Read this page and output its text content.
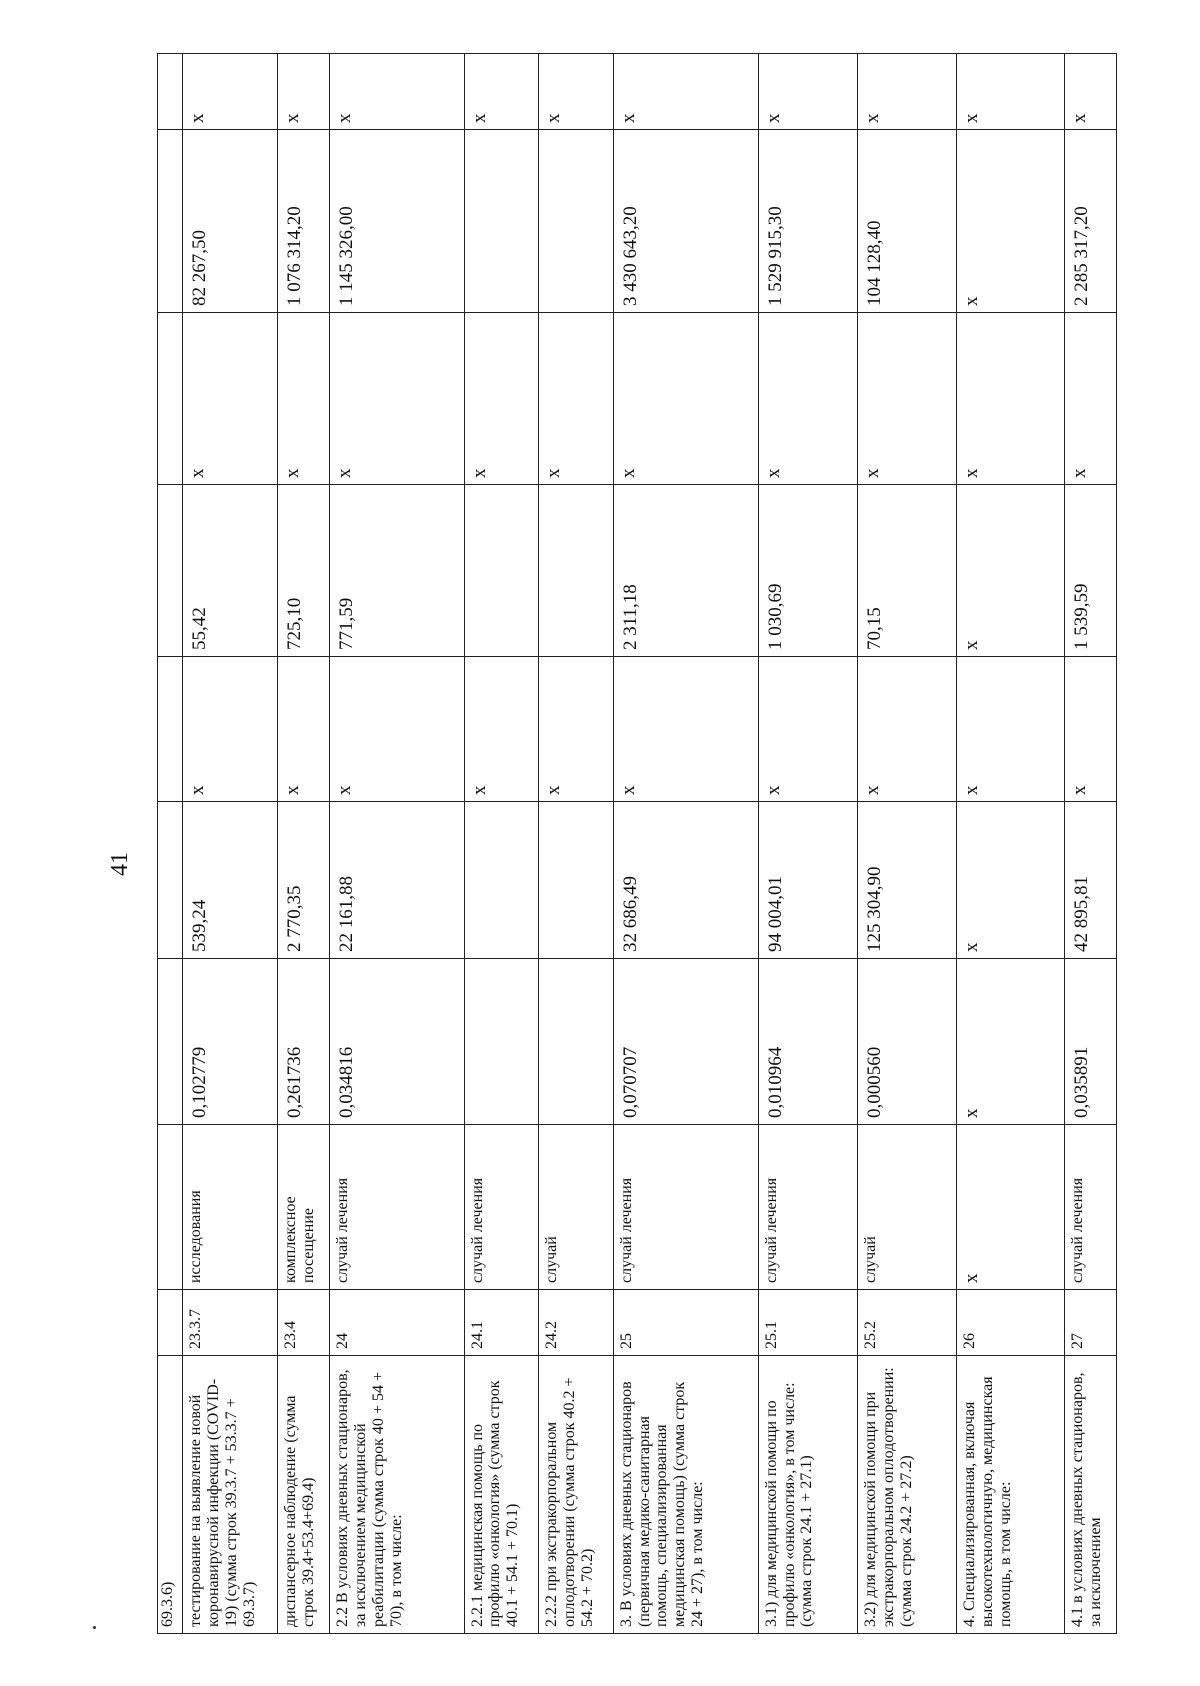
41
69.3.6)									
тестирование на выявление новой коронавирусной инфекции (COVID-19) (сумма строк 39.3.7 + 53.3.7 + 69.3.7)	23.3.7	исследования	0,102779	539,24	x	55,42	x	82 267,50	x
диспансерное наблюдение (сумма строк 39.4+53.4+69.4)	23.4	комплексное посещение	0,261736	2 770,35	x	725,10	x	1 076 314,20	x
2.2 В условиях дневных стационаров, за исключением медицинской реабилитации (сумма строк 40 + 54 + 70), в том числе:	24	случай лечения	0,034816	22 161,88	x	771,59	x	1 145 326,00	x
2.2.1 медицинская помощь по профилю «онкология» (сумма строк 40.1 + 54.1 + 70.1)	24.1	случай лечения			x		x		x
2.2.2 при экстракорпоральном оплодотворении (сумма строк 40.2 + 54.2 + 70.2)	24.2	случай			x		x		x
3. В условиях дневных стационаров (первичная медико-санитарная помощь, специализированная медицинская помощь) (сумма строк 24 + 27), в том числе:	25	случай лечения	0,070707	32 686,49	x	2 311,18	x	3 430 643,20	x
3.1) для медицинской помощи по профилю «онкология», в том числе: (сумма строк 24.1 + 27.1)	25.1	случай лечения	0,010964	94 004,01	x	1 030,69	x	1 529 915,30	x
3.2) для медицинской помощи при экстракорпоральном оплодотворении: (сумма строк 24.2 + 27.2)	25.2	случай	0,000560	125 304,90	x	70,15	x	104 128,40	x
4. Специализированная, включая высокотехнологичную, медицинская помощь, в том числе:	26	x	x	x	x	x	x	x	x
4.1 в условиях дневных стационаров, за исключением	27	случай лечения	0,035891	42 895,81	x	1 539,59	x	2 285 317,20	x
